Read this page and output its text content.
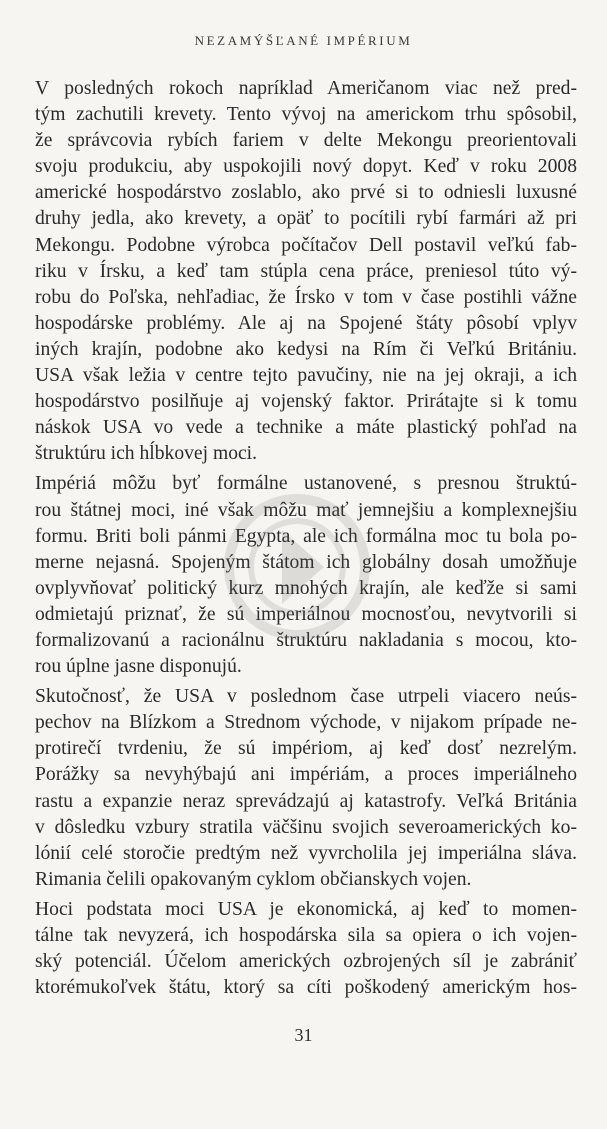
NEZAMÝŠĽANÉ IMPÉRIUM

V posledných rokoch napríklad Američanom viac než pred-
tým zachutili krevety. Tento vývoj na americkom trhu spôsobil,
že správcovia rybích fariem v delte Mekongu preorientovali
svoju produkciu, aby uspokojili nový dopyt. Keď v roku 2008
americké hospodárstvo zoslablo, ako prvé si to odniesli luxusné
druhy jedla, ako krevety, a opäť to pocítili rybí farmári až pri
Mekongu. Podobne výrobca počítačov Dell postavil veľkú fab-
riku v Írsku, a keď tam stúpla cena práce, preniesol túto vý-
robu do Poľska, nehľadiac, že Írsko v tom v čase postihli vážne
hospodárske problémy. Ale aj na Spojené štáty pôsobí vplyv
iných krajín, podobne ako kedysi na Rím či Veľkú Britániu.
USA však ležia v centre tejto pavučiny, nie na jej okraji, a ich
hospodárstvo posilňuje aj vojenský faktor. Prirátajte si k tomu
náskok USA vo vede a technike a máte plastický pohľad na
štruktúru ich hĺbkovej moci.

Impériá môžu byť formálne ustanovené, s presnou štruktú-
rou štátnej moci, iné však môžu mať jemnejšiu a komplexnejšiu
formu. Briti boli pánmi Egypta, ale ich formálna moc tu bola po-
merne nejasná. Spojeným štátom ich globálny dosah umožňuje
ovplyvňovať politický kurz mnohých krajín, ale keďže si sami
odmietajú priznať, že sú imperiálnou mocnosťou, nevytvorili si
formalizovanú a racionálnu štruktúru nakladania s mocou, kto-
rou úplne jasne disponujú.

Skutočnosť, že USA v poslednom čase utrpeli viacero neús-
pechov na Blízkom a Strednom východe, v nijakom prípade ne-
protirečí tvrdeniu, že sú impériom, aj keď dosť nezrelým.
Porážky sa nevyhýbajú ani impériám, a proces imperiálneho
rastu a expanzie neraz sprevádzajú aj katastrofy. Veľká Británia
v dôsledku vzbury stratila väčšinu svojich severoamerických ko-
lónií celé storočie predtým než vyvrcholila jej imperiálna sláva.
Rimania čelili opakovaným cyklom občianskych vojen.

Hoci podstata moci USA je ekonomická, aj keď to momen-
tálne tak nevyzerá, ich hospodárska sila sa opiera o ich vojen-
ský potenciál. Účelom amerických ozbrojených síl je zabrániť
ktorémukoľvek štátu, ktorý sa cíti poškodený americkým hos-

31
